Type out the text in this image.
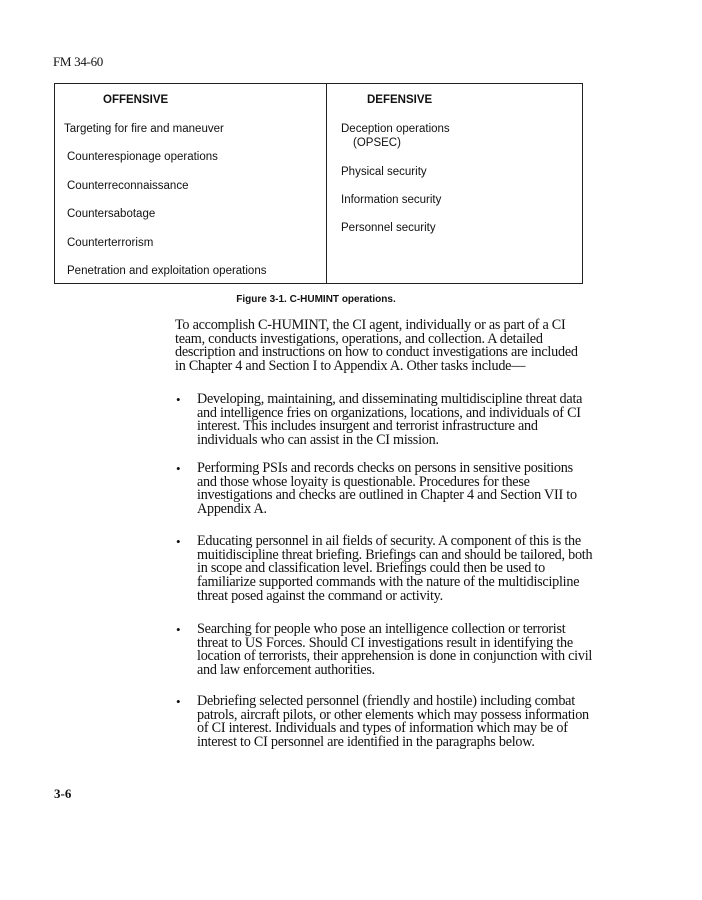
FM 34-60
OFFENSIVE	DEFENSIVE
Targeting for fire and maneuver
Counterespionage operations
Counterreconnaissance
Countersabotage
Counterterrorism
Penetration and exploitation operations
Deception operations
(OPSEC)
Physical security
Information security
Personnel security
Figure 3-1. C-HUMINT operations.
To accomplish C-HUMINT, the CI agent, individually or as part of a CI
team, conducts investigations, operations, and collection. A detailed
description and instructions on how to conduct investigations are included
in Chapter 4 and Section I to Appendix A. Other tasks include—
• Developing, maintaining, and disseminating multidiscipline threat data
and intelligence fries on organizations, locations, and individuals of CI
interest. This includes insurgent and terrorist infrastructure and
individuals who can assist in the CI mission.
• Performing PSIs and records checks on persons in sensitive positions
and those whose loyaity is questionable. Procedures for these
investigations and checks are outlined in Chapter 4 and Section VII to
Appendix A.
• Educating personnel in ail fields of security. A component of this is the
muitidiscipline threat briefing. Briefings can and should be tailored, both
in scope and classification level. Briefings could then be used to
familiarize supported commands with the nature of the multidiscipline
threat posed against the command or activity.
• Searching for people who pose an intelligence collection or terrorist
threat to US Forces. Should CI investigations result in identifying the
location of terrorists, their apprehension is done in conjunction with civil
and law enforcement authorities.
• Debriefing selected personnel (friendly and hostile) including combat
patrols, aircraft pilots, or other elements which may possess information
of CI interest. Individuals and types of information which may be of
interest to CI personnel are identified in the paragraphs below.
3-6
